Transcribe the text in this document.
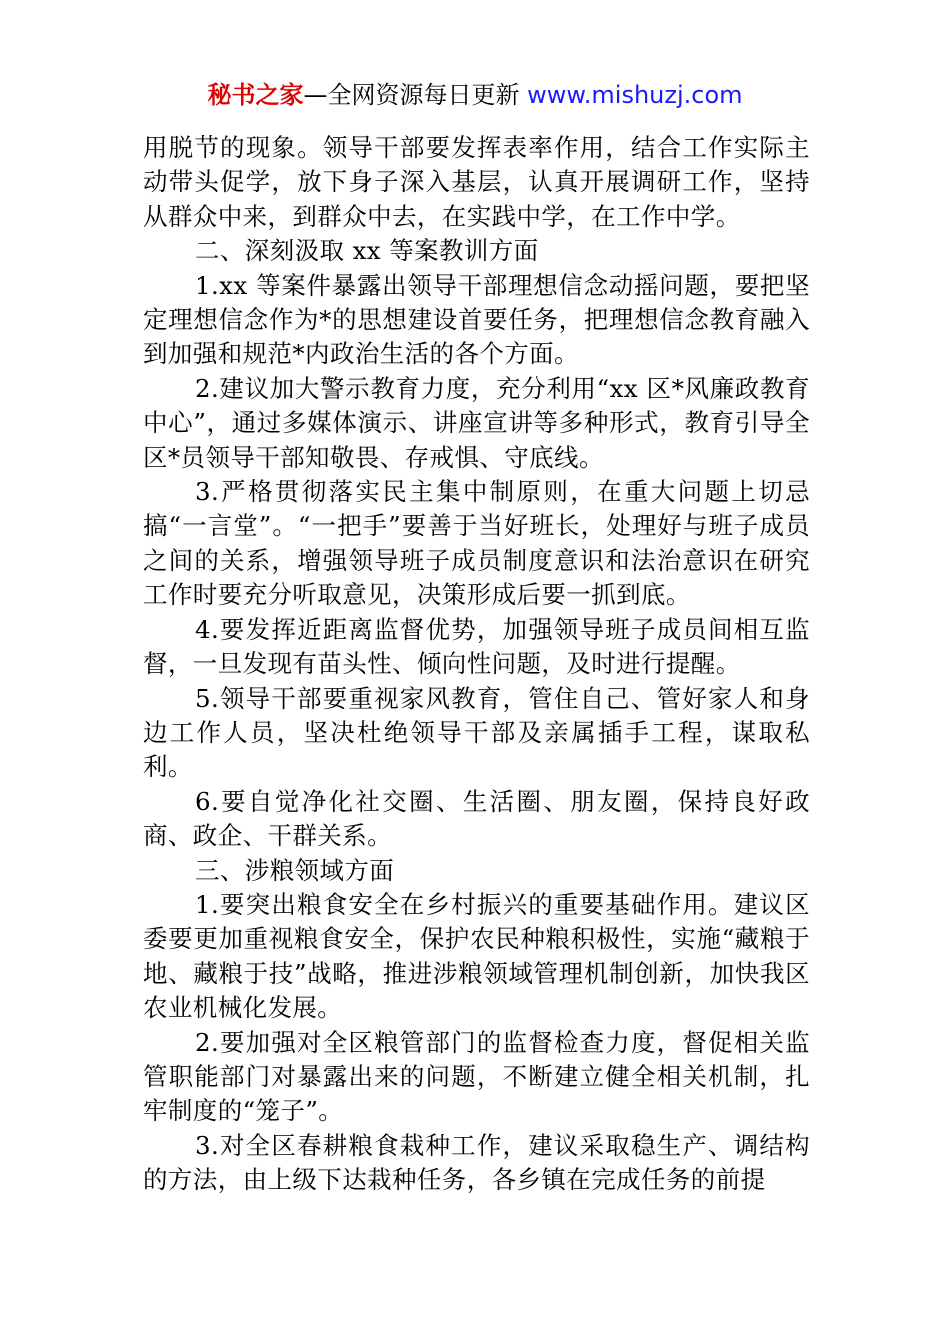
秘书之家—全网资源每日更新 www.mishuzj.com

用脱节的现象。领导干部要发挥表率作用，结合工作实际主动带头促学，放下身子深入基层，认真开展调研工作，坚持从群众中来，到群众中去，在实践中学，在工作中学。

二、深刻汲取 xx 等案教训方面

1.xx 等案件暴露出领导干部理想信念动摇问题，要把坚定理想信念作为*的思想建设首要任务，把理想信念教育融入到加强和规范*内政治生活的各个方面。

2.建议加大警示教育力度，充分利用“xx 区*风廉政教育中心”，通过多媒体演示、讲座宣讲等多种形式，教育引导全区*员领导干部知敬畏、存戒惧、守底线。

3.严格贯彻落实民主集中制原则，在重大问题上切忌搞“一言堂”。“一把手”要善于当好班长，处理好与班子成员之间的关系，增强领导班子成员制度意识和法治意识在研究工作时要充分听取意见，决策形成后要一抓到底。

4.要发挥近距离监督优势，加强领导班子成员间相互监督，一旦发现有苗头性、倾向性问题，及时进行提醒。

5.领导干部要重视家风教育，管住自己、管好家人和身边工作人员，坚决杜绝领导干部及亲属插手工程，谋取私利。

6.要自觉净化社交圈、生活圈、朋友圈，保持良好政商、政企、干群关系。

三、涉粮领域方面

1.要突出粮食安全在乡村振兴的重要基础作用。建议区委要更加重视粮食安全，保护农民种粮积极性，实施“藏粮于地、藏粮于技”战略，推进涉粮领域管理机制创新，加快我区农业机械化发展。

2.要加强对全区粮管部门的监督检查力度，督促相关监管职能部门对暴露出来的问题，不断建立健全相关机制，扎牢制度的“笼子”。

3.对全区春耕粮食栽种工作，建议采取稳生产、调结构的方法，由上级下达栽种任务，各乡镇在完成任务的前提
